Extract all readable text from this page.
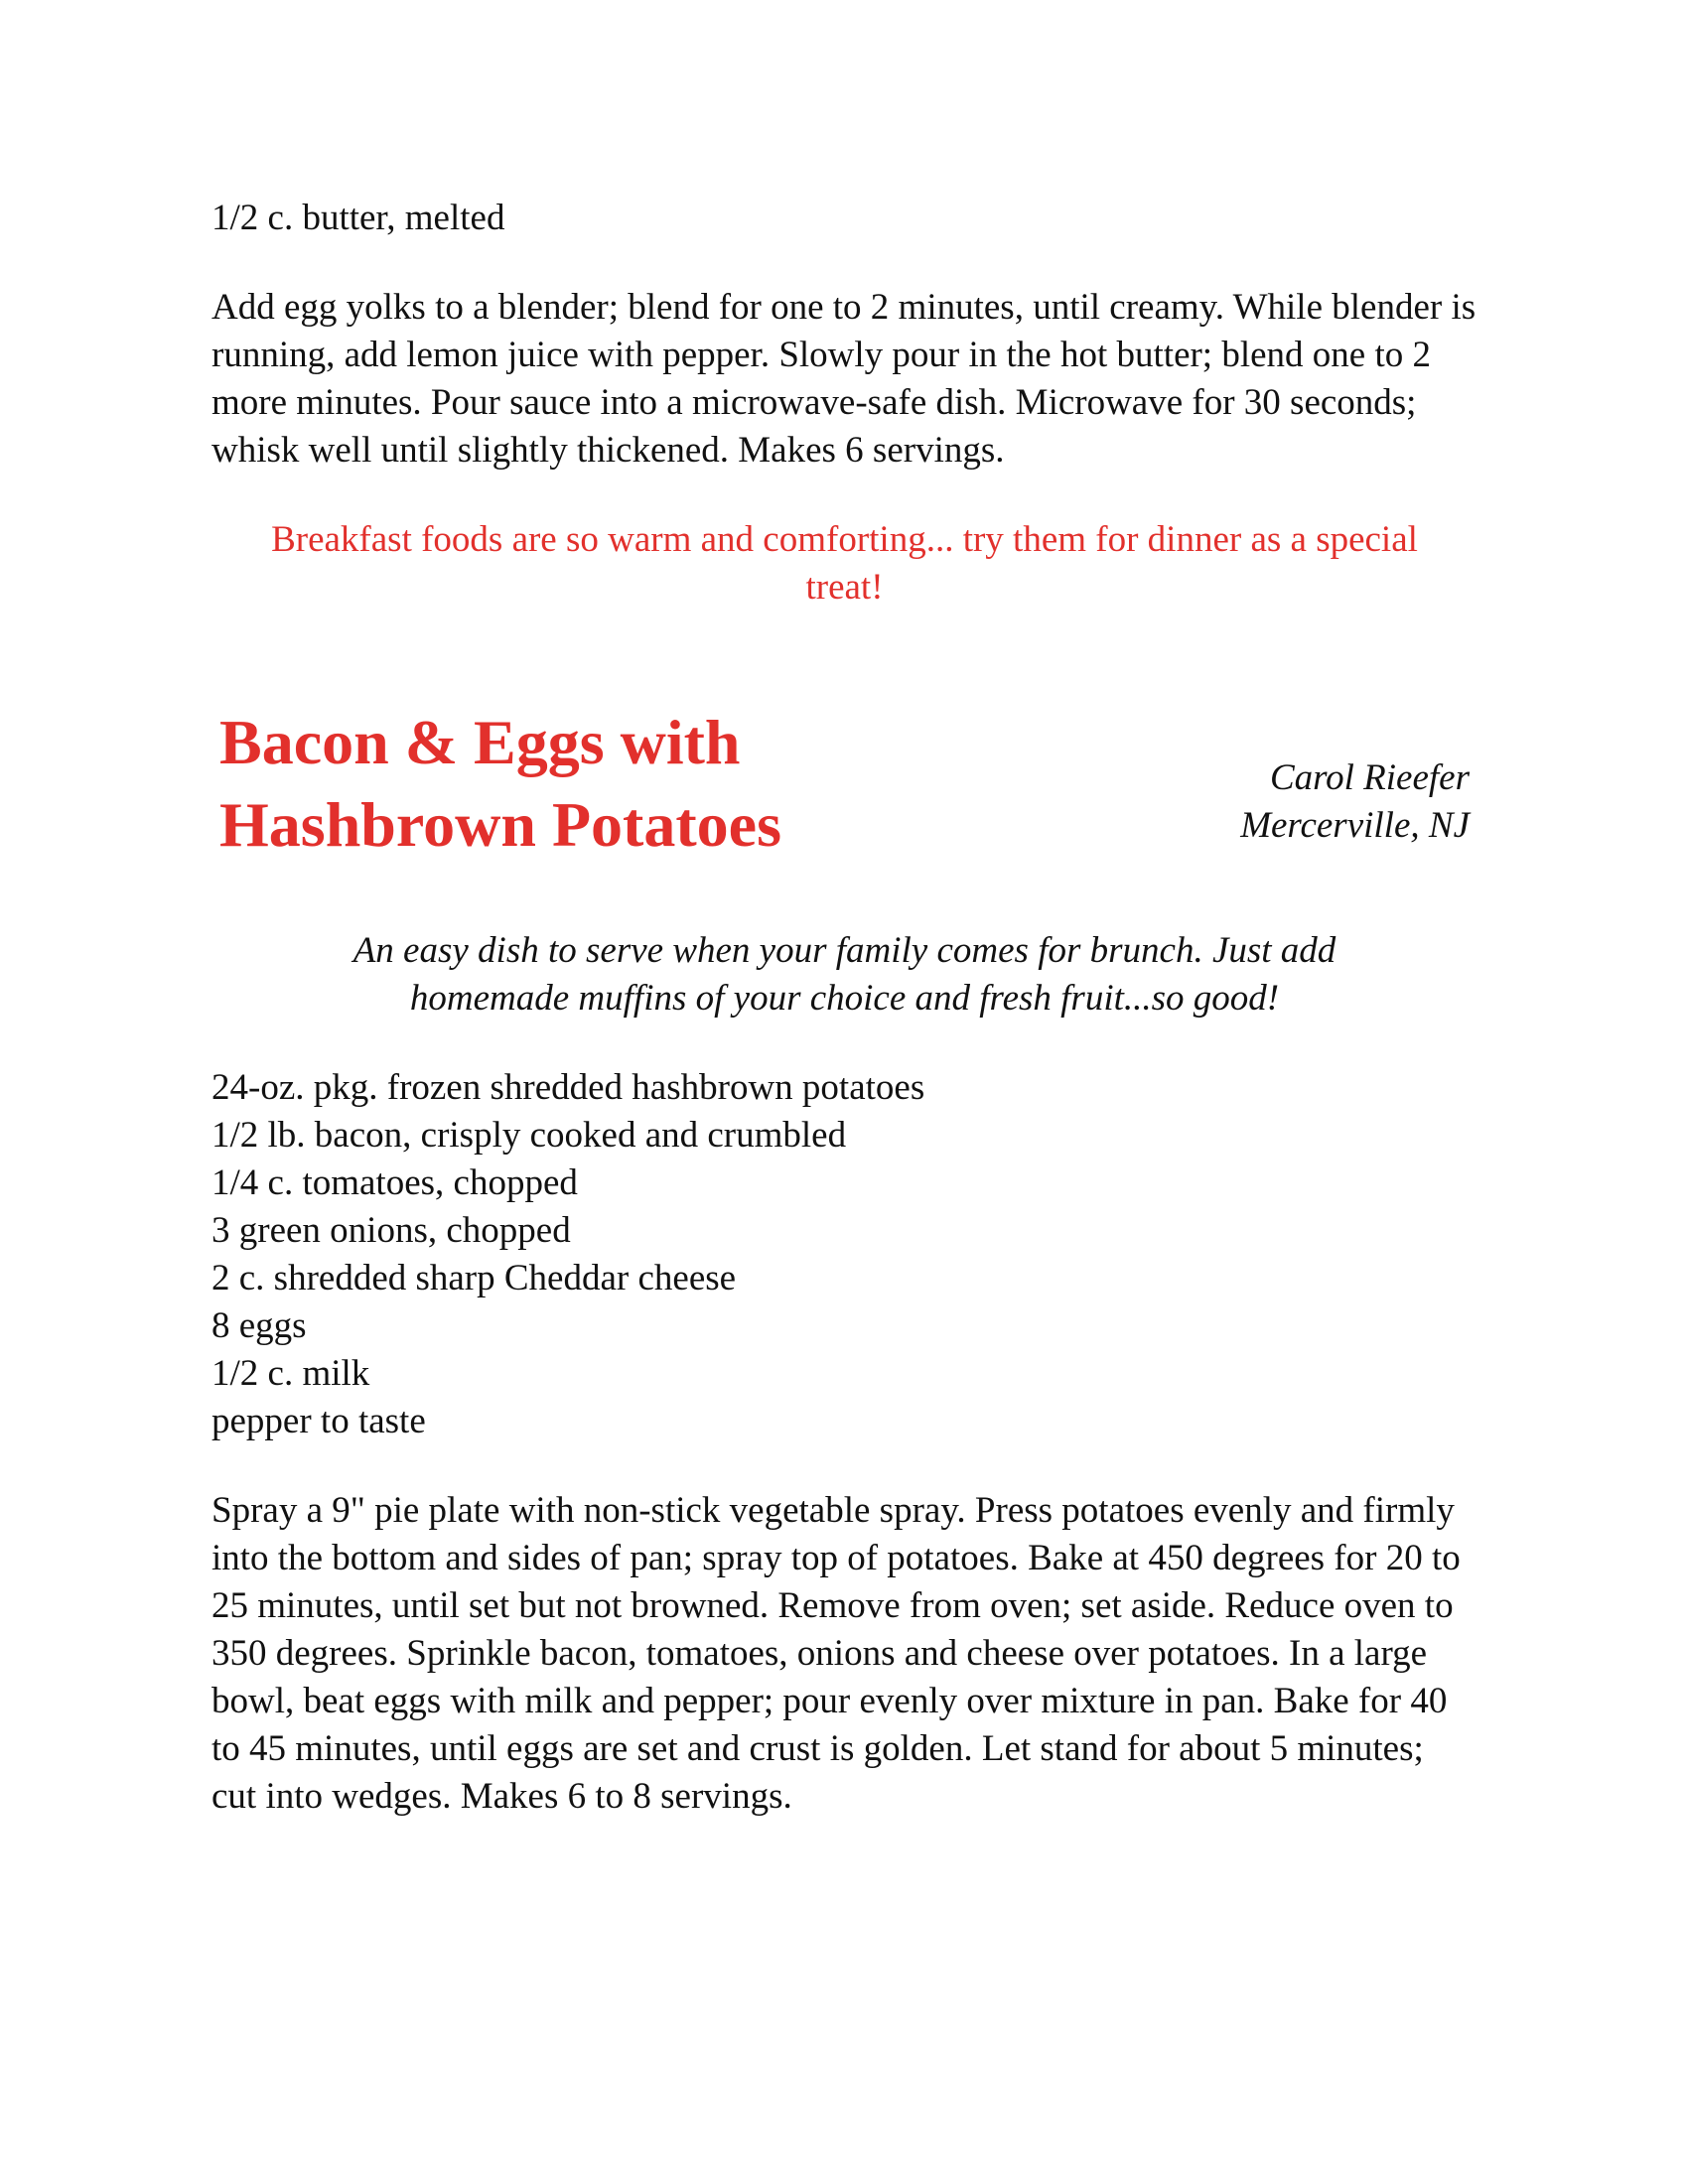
1/2 c. butter, melted

Add egg yolks to a blender; blend for one to 2 minutes, until creamy. While blender is running, add lemon juice with pepper. Slowly pour in the hot butter; blend one to 2 more minutes. Pour sauce into a microwave-safe dish. Microwave for 30 seconds; whisk well until slightly thickened. Makes 6 servings.

Breakfast foods are so warm and comforting... try them for dinner as a special treat!

Bacon & Eggs with
Hashbrown Potatoes
Carol Rieefer
Mercerville, NJ

An easy dish to serve when your family comes for brunch. Just add homemade muffins of your choice and fresh fruit...so good!

24-oz. pkg. frozen shredded hashbrown potatoes
1/2 lb. bacon, crisply cooked and crumbled
1/4 c. tomatoes, chopped
3 green onions, chopped
2 c. shredded sharp Cheddar cheese
8 eggs
1/2 c. milk
pepper to taste

Spray a 9" pie plate with non-stick vegetable spray. Press potatoes evenly and firmly into the bottom and sides of pan; spray top of potatoes. Bake at 450 degrees for 20 to 25 minutes, until set but not browned. Remove from oven; set aside. Reduce oven to 350 degrees. Sprinkle bacon, tomatoes, onions and cheese over potatoes. In a large bowl, beat eggs with milk and pepper; pour evenly over mixture in pan. Bake for 40 to 45 minutes, until eggs are set and crust is golden. Let stand for about 5 minutes; cut into wedges. Makes 6 to 8 servings.
